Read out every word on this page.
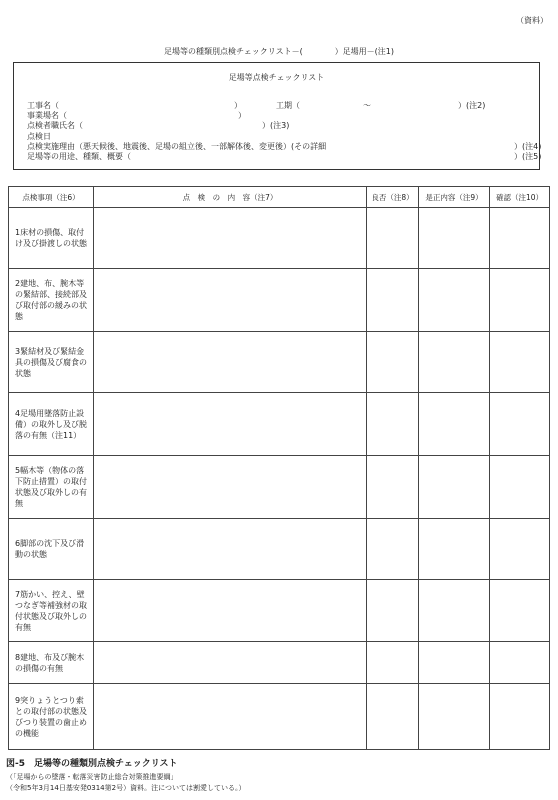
（資料）
足場等の種類別点検チェックリスト－(　　　　）足場用－(注1)
足場等点検チェックリスト
工事名（	）	工期（	～	）(注2)
事業場名（	）
点検者職氏名（	）(注3)
点検日
点検実施理由（悪天候後、地震後、足場の組立後、一部解体後、変更後）(その詳細	）(注4)
足場等の用途、種類、概要（	）(注5)
点検事項（注6）	点　検　の　内　容（注7）	良否（注8）	是正内容（注9）	確認（注10）
1床材の損傷、取付け及び掛渡しの状態				
2建地、布、腕木等の緊結部、接続部及び取付部の緩みの状態				
3緊結材及び緊結金具の損傷及び腐食の状態				
4足場用墜落防止設備）の取外し及び脱落の有無（注11）				
5幅木等（物体の落下防止措置）の取付状態及び取外しの有無				
6脚部の沈下及び滑動の状態				
7筋かい、控え、壁つなぎ等補強材の取付状態及び取外しの有無				
8建地、布及び腕木の損傷の有無				
9突りょうとつり索との取付部の状態及びつり装置の歯止めの機能				
図-5　足場等の種類別点検チェックリスト
（「足場からの墜落・転落災害防止総合対策推進要綱」
（令和5年3月14日基安発0314第2号）資料。注については割愛している。）
